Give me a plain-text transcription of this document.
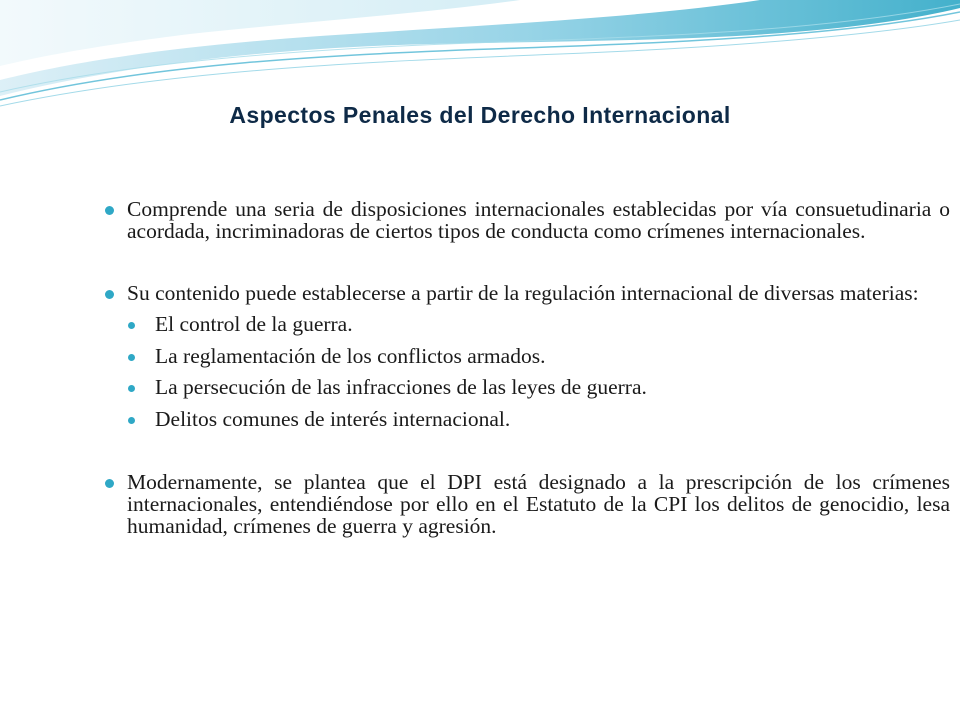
Aspectos Penales del Derecho Internacional
Comprende una seria de disposiciones internacionales establecidas por vía consuetudinaria o acordada, incriminadoras de ciertos tipos de conducta como crímenes internacionales.
Su contenido puede establecerse a partir de la regulación internacional de diversas materias:
El control de la guerra.
La reglamentación de los conflictos armados.
La persecución de las infracciones de las leyes de guerra.
Delitos comunes de interés internacional.
Modernamente, se plantea que el DPI está designado a la prescripción de los crímenes internacionales, entendiéndose por ello en el Estatuto de la CPI los delitos de genocidio, lesa humanidad, crímenes de guerra y agresión.
